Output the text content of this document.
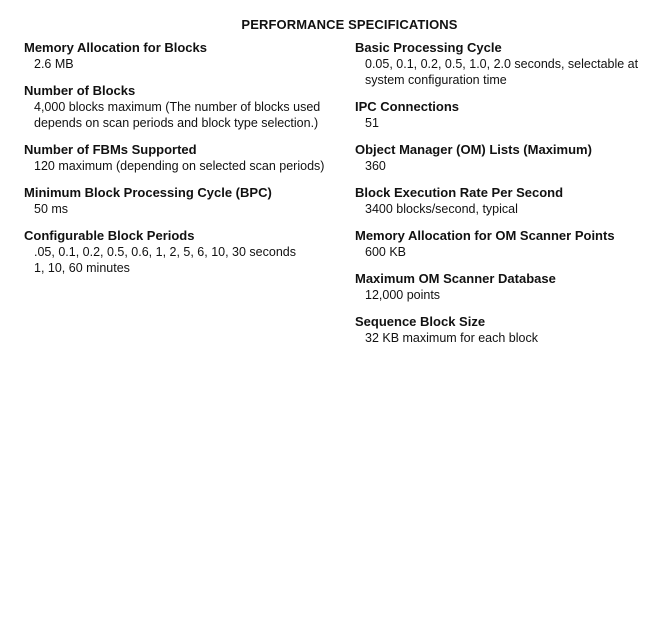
PERFORMANCE SPECIFICATIONS
Memory Allocation for Blocks
2.6 MB
Number of Blocks
4,000 blocks maximum (The number of blocks used
depends on scan periods and block type selection.)
Number of FBMs Supported
120 maximum (depending on selected scan periods)
Minimum Block Processing Cycle (BPC)
50 ms
Configurable Block Periods
.05, 0.1, 0.2, 0.5, 0.6, 1, 2, 5, 6, 10, 30 seconds
1, 10, 60 minutes
Basic Processing Cycle
0.05, 0.1, 0.2, 0.5, 1.0, 2.0 seconds, selectable at
system configuration time
IPC Connections
51
Object Manager (OM) Lists (Maximum)
360
Block Execution Rate Per Second
3400 blocks/second, typical
Memory Allocation for OM Scanner Points
600 KB
Maximum OM Scanner Database
12,000 points
Sequence Block Size
32 KB maximum for each block
